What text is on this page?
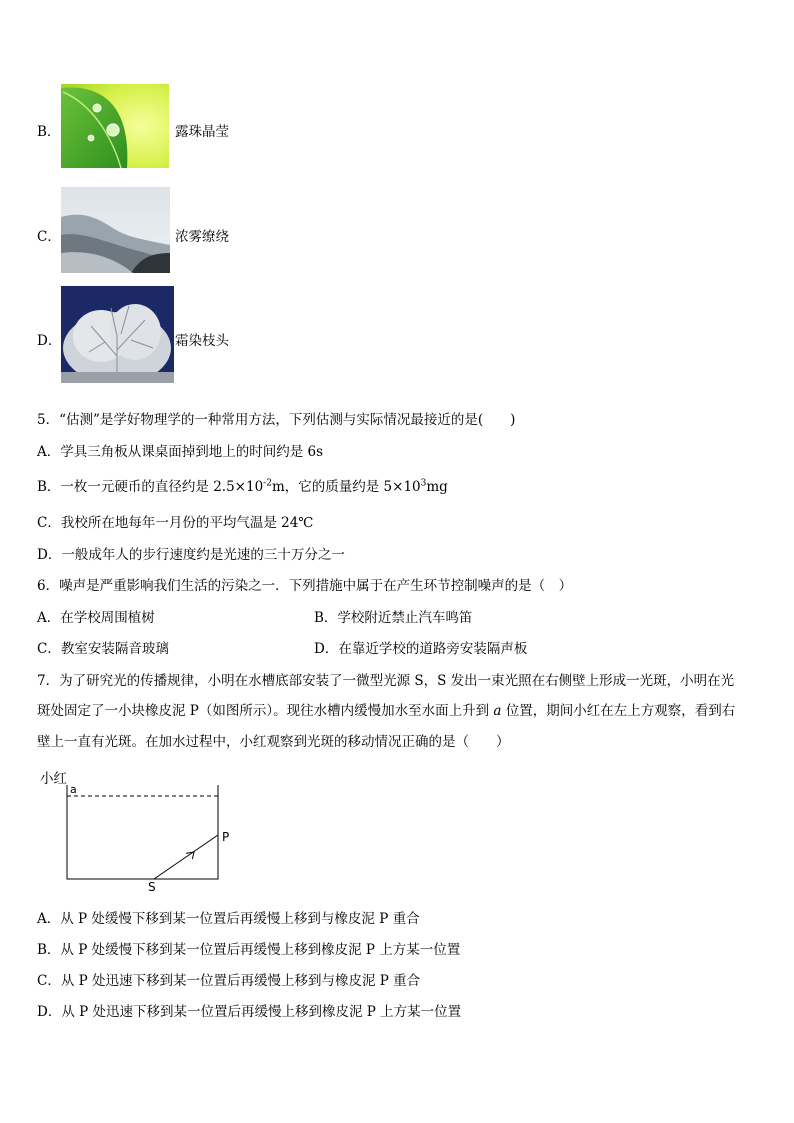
B．	露珠晶莹
C．	浓雾缭绕
D．	霜染枝头
5．“估测”是学好物理学的一种常用方法，下列估测与实际情况最接近的是(　　)
A．学具三角板从课桌面掉到地上的时间约是 6s
B．一枚一元硬币的直径约是 $2.5\times 10^{-2}m$，它的质量约是 $5\times 10^3mg$
C．我校所在地每年一月份的平均气温是 24℃
D．一般成年人的步行速度约是光速的三十万分之一
6．噪声是严重影响我们生活的污染之一．下列措施中属于在产生环节控制噪声的是（　）
A．在学校周围植树	B．学校附近禁止汽车鸣笛
C．教室安装隔音玻璃	D．在靠近学校的道路旁安装隔声板
7．为了研究光的传播规律，小明在水槽底部安装了一微型光源 S，S 发出一束光照在右侧壁上形成一光斑，小明在光
斑处固定了一小块橡皮泥 P（如图所示）。现往水槽内缓慢加水至水面上升到 a 位置，期间小红在左上方观察，看到右
壁上一直有光斑。在加水过程中，小红观察到光斑的移动情况正确的是（　　）
小红
a
P
S
A．从 P 处缓慢下移到某一位置后再缓慢上移到与橡皮泥 P 重合
B．从 P 处缓慢下移到某一位置后再缓慢上移到橡皮泥 P 上方某一位置
C．从 P 处迅速下移到某一位置后再缓慢上移到与橡皮泥 P 重合
D．从 P 处迅速下移到某一位置后再缓慢上移到橡皮泥 P 上方某一位置
